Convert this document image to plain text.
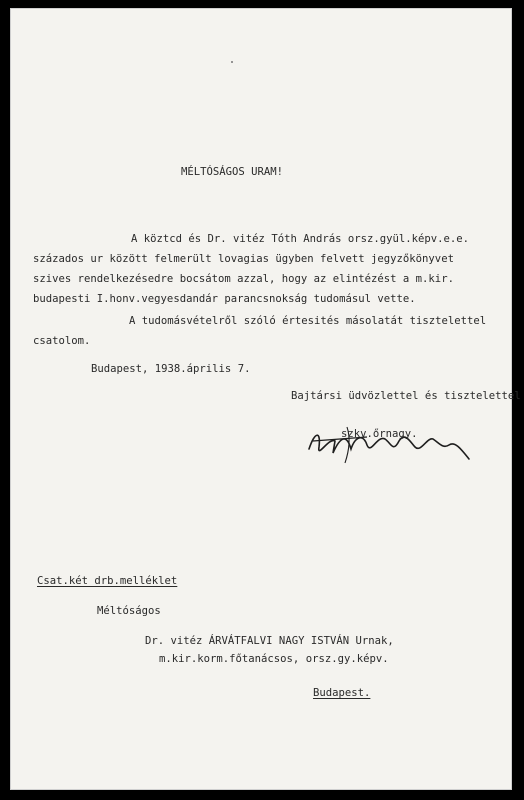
MÉLTÓSÁGOS URAM!
A köztcd és Dr. vitéz Tóth András orsz.gyül.képv.e.e.
százados ur között felmerült lovagias ügyben felvett jegyzőkönyvet
szives rendelkezésedre bocsátom azzal, hogy az elintézést a m.kir.
budapesti I.honv.vegyesdandár parancsnokság tudomásul vette.
A tudomásvételről szóló értesités másolatát tisztelettel
csatolom.
Budapest, 1938.április 7.
Bajtársi üdvözlettel és tisztelettel
szkv.őrnagy.
Csat.két drb.melléklet
Méltóságos
Dr. vitéz ÁRVÁTFALVI NAGY ISTVÁN Urnak,
m.kir.korm.főtanácsos, orsz.gy.képv.
Budapest.
